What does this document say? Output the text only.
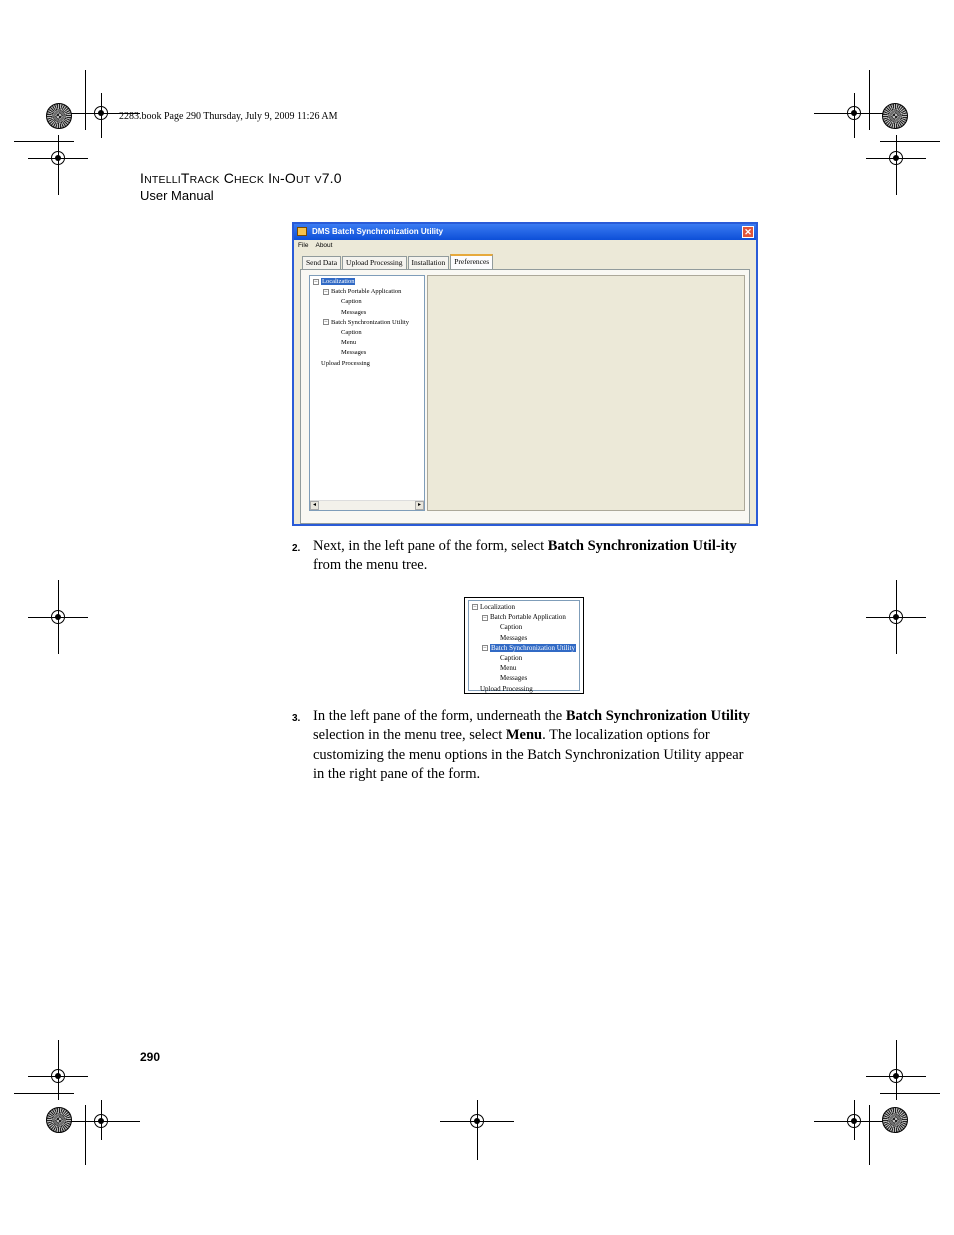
2283.book Page 290 Thursday, July 9, 2009 11:26 AM
INTELLITRACK CHECK IN-OUT V7.0
User Manual
DMS Batch Synchronization Utility	✕
File About
Send Data	Upload Processing	Installation	Preferences
− Localization
− Batch Portable Application
Caption
Messages
− Batch Synchronization Utility
Caption
Menu
Messages
Upload Processing
◂	▸
2. Next, in the left pane of the form, select Batch Synchronization Util-ity from the menu tree.
− Localization
− Batch Portable Application
Caption
Messages
− Batch Synchronization Utility
Caption
Menu
Messages
Upload Processing
3. In the left pane of the form, underneath the Batch Synchronization Utility selection in the menu tree, select Menu. The localization options for customizing the menu options in the Batch Synchronization Utility appear in the right pane of the form.
290
